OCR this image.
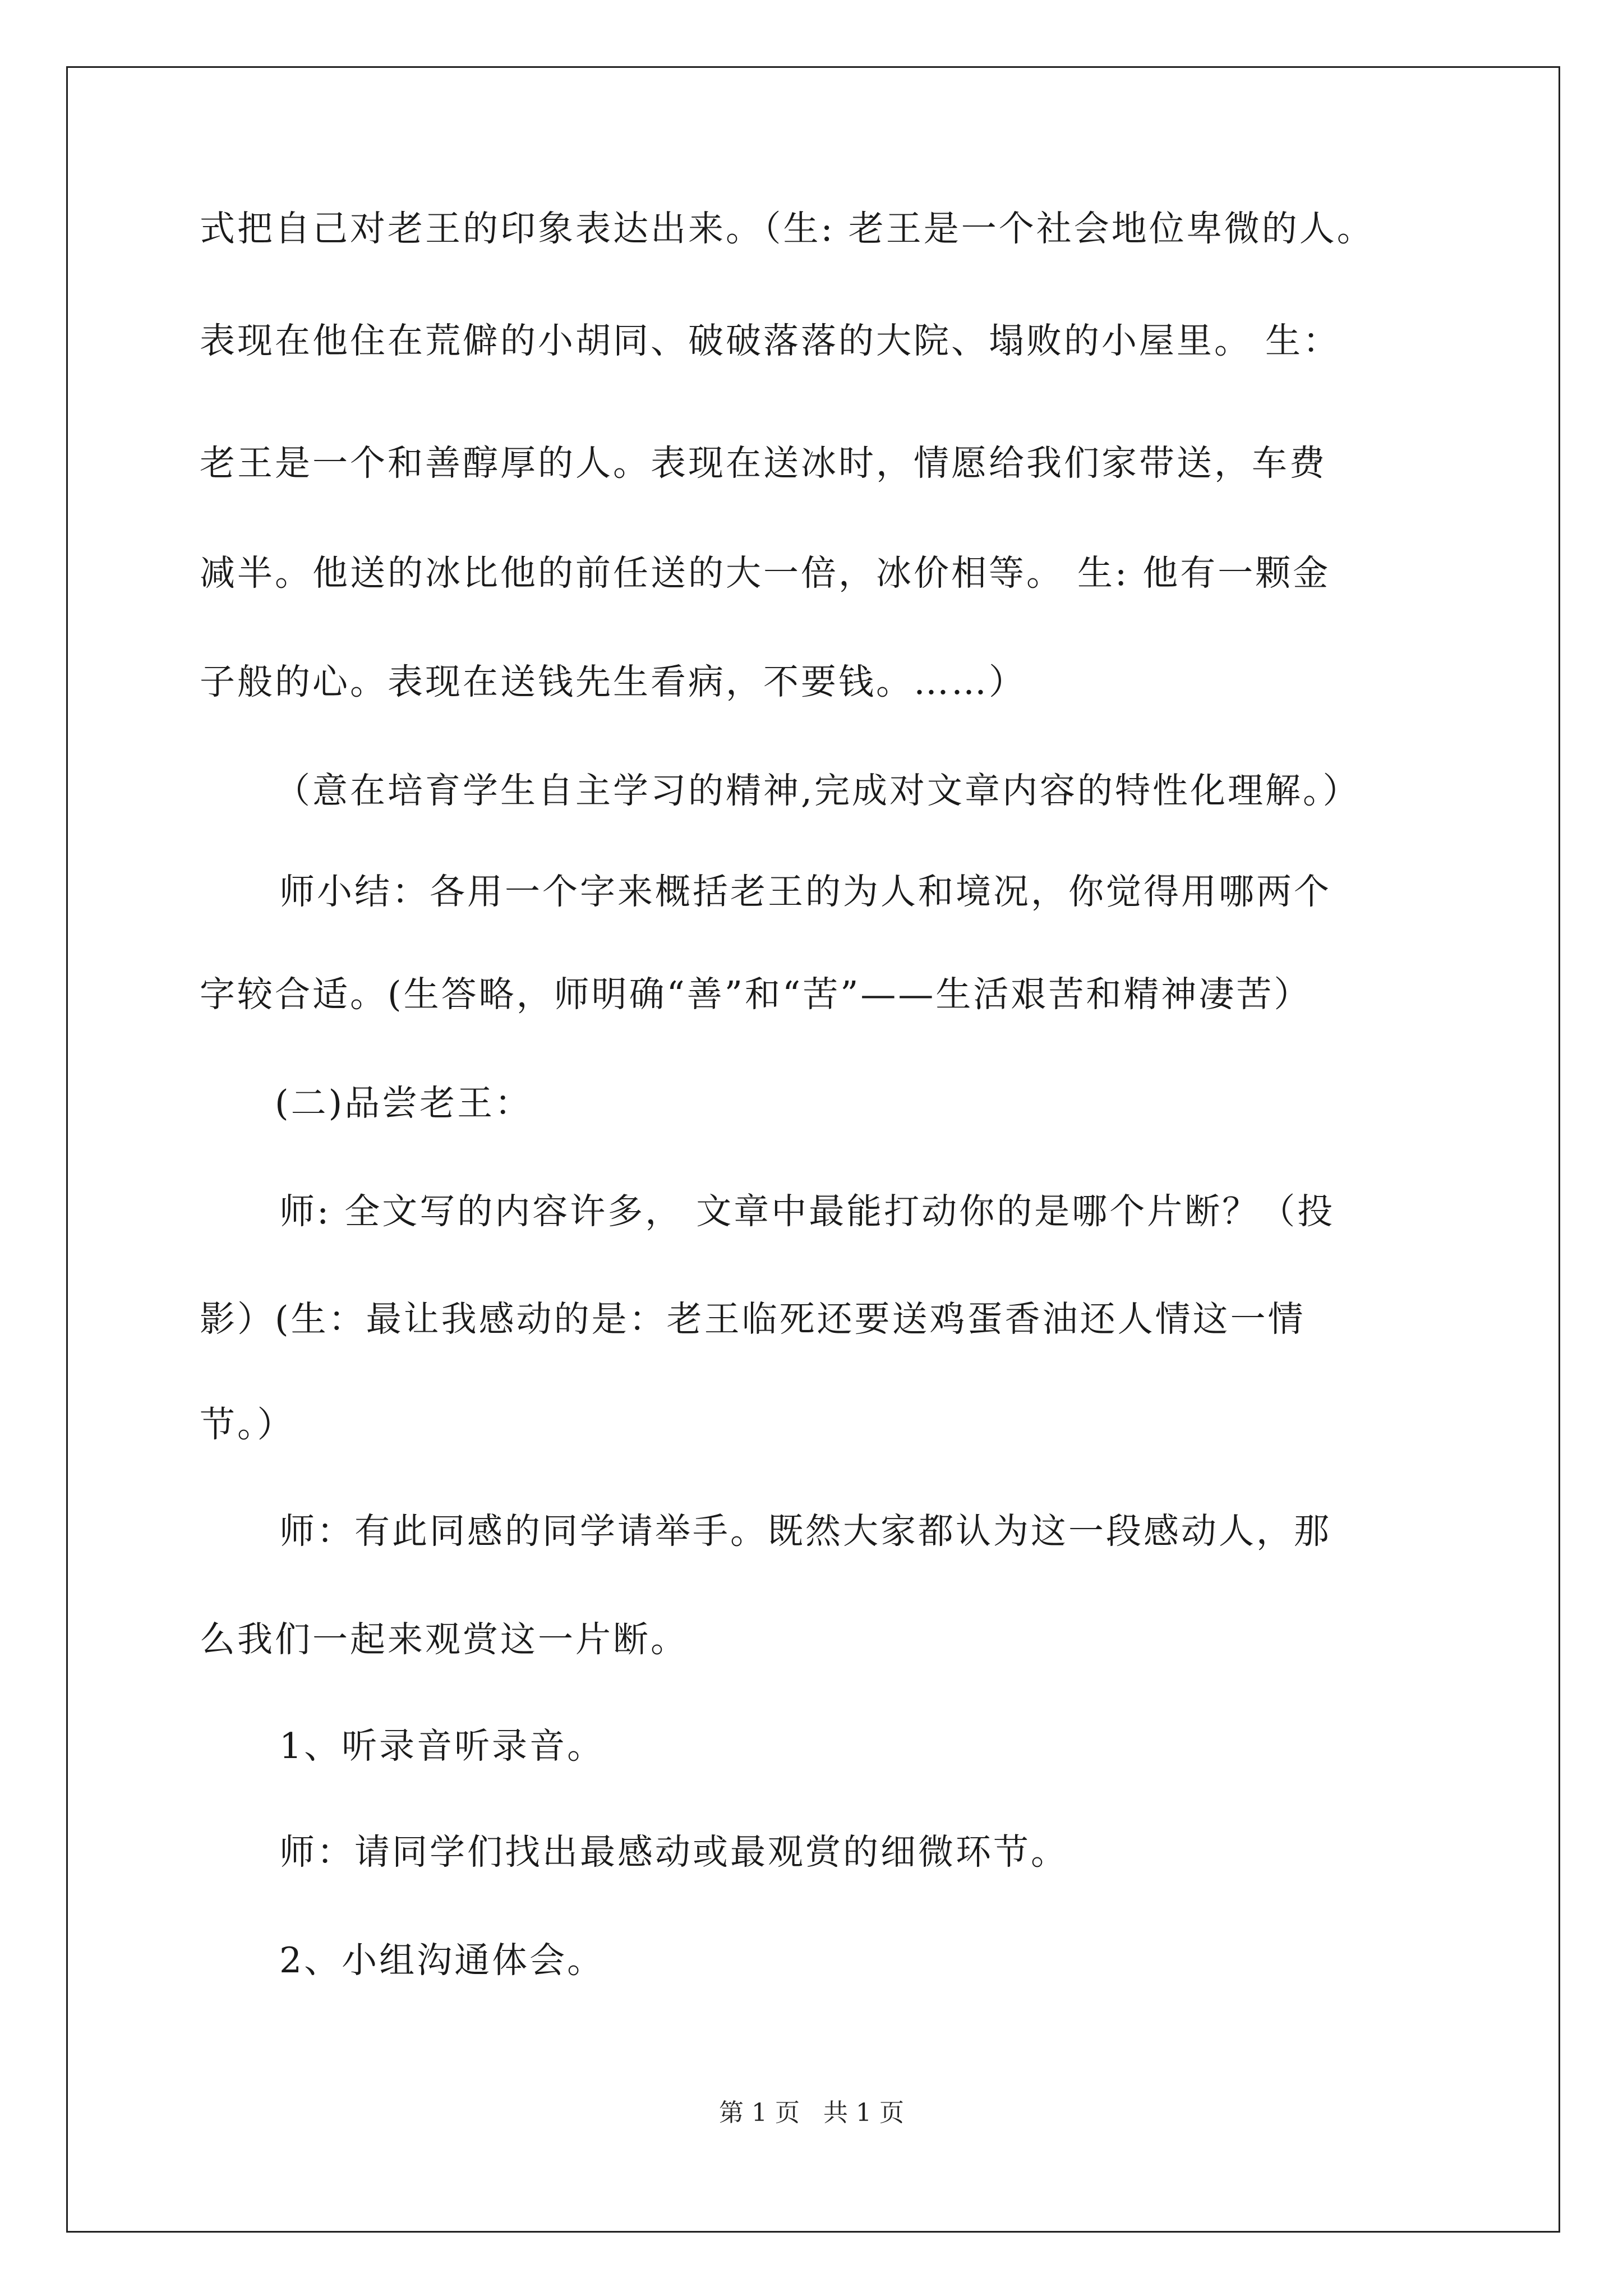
式把自己对老王的印象表达出来。（生: 老王是一个社会地位卑微的人。
表现在他住在荒僻的小胡同、破破落落的大院、塌败的小屋里。 生：
老王是一个和善醇厚的人。表现在送冰时，情愿给我们家带送，车费
减半。他送的冰比他的前任送的大一倍，冰价相等。 生: 他有一颗金
子般的心。表现在送钱先生看病，不要钱。……）
（意在培育学生自主学习的精神,完成对文章内容的特性化理解。）
师小结：各用一个字来概括老王的为人和境况，你觉得用哪两个
字较合适。(生答略，师明确“善”和“苦”——生活艰苦和精神凄苦）
(二)品尝老王：
师: 全文写的内容许多， 文章中最能打动你的是哪个片断？（投
影）(生：最让我感动的是：老王临死还要送鸡蛋香油还人情这一情
节。）
师：有此同感的同学请举手。既然大家都认为这一段感动人，那
么我们一起来观赏这一片断。
1、听录音听录音。
师：请同学们找出最感动或最观赏的细微环节。
2、小组沟通体会。
第 1 页   共 1 页
